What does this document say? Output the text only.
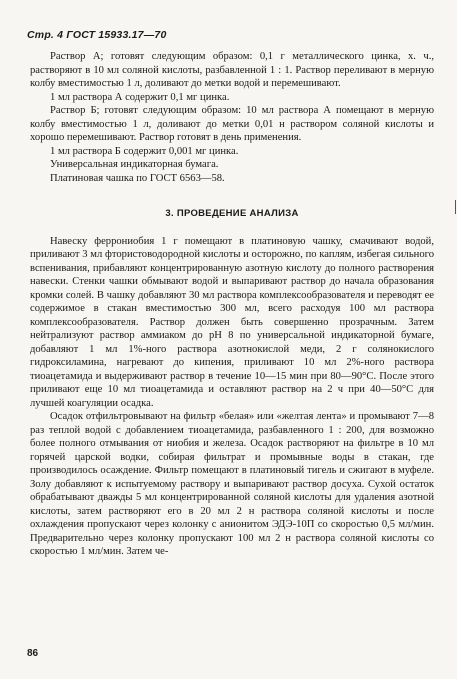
Стр. 4 ГОСТ 15933.17—70

Раствор А; готовят следующим образом: 0,1 г металлического цинка, х. ч., растворяют в 10 мл соляной кислоты, разбавленной 1 : 1. Раствор переливают в мерную колбу вместимостью 1 л, доливают до метки водой и перемешивают.

1 мл раствора А содержит 0,1 мг цинка.

Раствор Б; готовят следующим образом: 10 мл раствора А помещают в мерную колбу вместимостью 1 л, доливают до метки 0,01 н раствором соляной кислоты и хорошо перемешивают. Раствор готовят в день применения.

1 мл раствора Б содержит 0,001 мг цинка.

Универсальная индикаторная бумага.

Платиновая чашка по ГОСТ 6563—58.

3. ПРОВЕДЕНИЕ АНАЛИЗА

Навеску феррониобия 1 г помещают в платиновую чашку, смачивают водой, приливают 3 мл фтористоводородной кислоты и осторожно, по каплям, избегая сильного вспенивания, прибавляют концентрированную азотную кислоту до полного растворения навески. Стенки чашки обмывают водой и выпаривают раствор до начала образования кромки солей. В чашку добавляют 30 мл раствора комплексообразователя и переводят ее содержимое в стакан вместимостью 300 мл, всего расходуя 100 мл раствора комплексообразователя. Раствор должен быть совершенно прозрачным. Затем нейтрализуют раствор аммиаком до pH 8 по универсальной индикаторной бумаге, добавляют 1 мл 1%-ного раствора азотнокислой меди, 2 г солянокислого гидроксиламина, нагревают до кипения, приливают 10 мл 2%-ного раствора тиоацетамида и выдерживают раствор в течение 10—15 мин при 80—90°С. После этого приливают еще 10 мл тиоацетамида и оставляют раствор на 2 ч при 40—50°С для лучшей коагуляции осадка.

Осадок отфильтровывают на фильтр «белая» или «желтая лента» и промывают 7—8 раз теплой водой с добавлением тиоацетамида, разбавленного 1 : 200, для возможно более полного отмывания от ниобия и железа. Осадок растворяют на фильтре в 10 мл горячей царской водки, собирая фильтрат и промывные воды в стакан, где производилось осаждение. Фильтр помещают в платиновый тигель и сжигают в муфеле. Золу добавляют к испытуемому раствору и выпаривают раствор досуха. Сухой остаток обрабатывают дважды 5 мл концентрированной соляной кислоты для удаления азотной кислоты, затем растворяют его в 20 мл 2 н раствора соляной кислоты и после охлаждения пропускают через колонку с анионитом ЭДЭ-10П со скоростью 0,5 мл/мин. Предварительно через колонку пропускают 100 мл 2 н раствора соляной кислоты со скоростью 1 мл/мин. Затем че-

86
